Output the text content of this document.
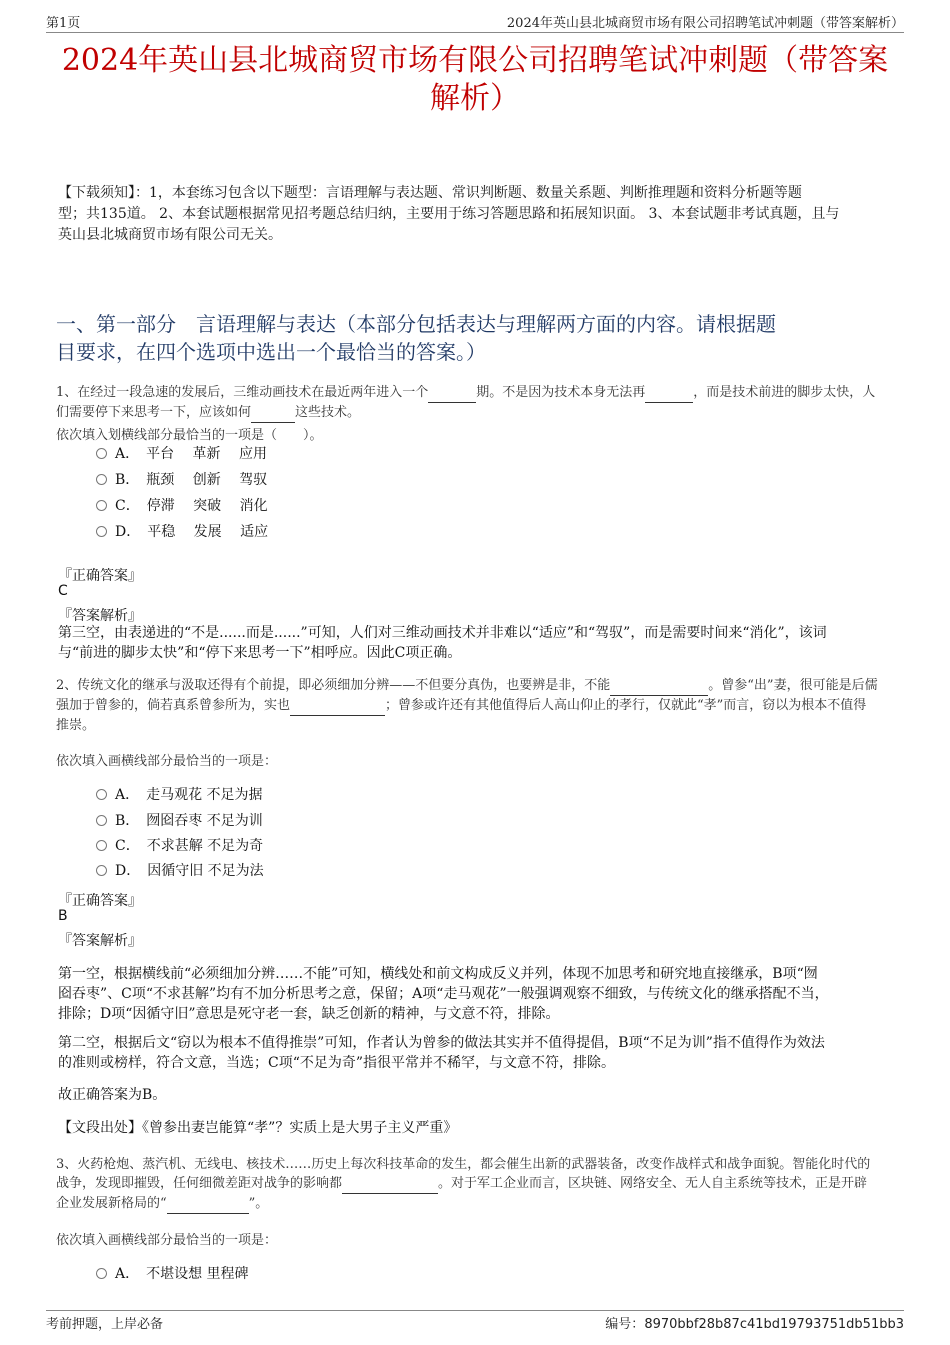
第1页	2024年英山县北城商贸市场有限公司招聘笔试冲刺题（带答案解析）
2024年英山县北城商贸市场有限公司招聘笔试冲刺题（带答案
解析）
【下载须知】：1，本套练习包含以下题型：言语理解与表达题、常识判断题、数量关系题、判断推理题和资料分析题等题
型；共135道。 2、本套试题根据常见招考题总结归纳，主要用于练习答题思路和拓展知识面。 3、本套试题非考试真题，且与
英山县北城商贸市场有限公司无关。
一、第一部分　言语理解与表达（本部分包括表达与理解两方面的内容。请根据题
目要求，在四个选项中选出一个最恰当的答案。）
1、在经过一段急速的发展后，三维动画技术在最近两年进入一个	期。不是因为技术本身无法再	，而是技术前进的脚步太快，人
们需要停下来思考一下，应该如何	这些技术。
依次填入划横线部分最恰当的一项是（　　）。
A．　平台　 革新　 应用
B．　瓶颈　 创新　 驾驭
C．　停滞　 突破　 消化
D．　平稳　 发展　 适应
『正确答案』
C
『答案解析』
第三空，由表递进的“不是......而是......”可知，人们对三维动画技术并非难以“适应”和“驾驭”，而是需要时间来“消化”，该词
与“前进的脚步太快”和“停下来思考一下”相呼应。因此C项正确。
2、传统文化的继承与汲取还得有个前提，即必须细加分辨——不但要分真伪，也要辨是非，不能	。曾参“出”妻，很可能是后儒
强加于曾参的，倘若真系曾参所为，实也	；曾参或许还有其他值得后人高山仰止的孝行，仅就此“孝”而言，窃以为根本不值得
推崇。
依次填入画横线部分最恰当的一项是：
A．　走马观花 不足为据
B．　囫囵吞枣 不足为训
C．　不求甚解 不足为奇
D．　因循守旧 不足为法
『正确答案』
B
『答案解析』
第一空，根据横线前“必须细加分辨……不能”可知，横线处和前文构成反义并列，体现不加思考和研究地直接继承，B项“囫
囵吞枣”、C项“不求甚解”均有不加分析思考之意，保留；A项“走马观花”一般强调观察不细致，与传统文化的继承搭配不当，
排除；D项“因循守旧”意思是死守老一套，缺乏创新的精神，与文意不符，排除。
第二空，根据后文“窃以为根本不值得推崇”可知，作者认为曾参的做法其实并不值得提倡，B项“不足为训”指不值得作为效法
的准则或榜样，符合文意，当选；C项“不足为奇”指很平常并不稀罕，与文意不符，排除。
故正确答案为B。
【文段出处】《曾参出妻岂能算“孝”？实质上是大男子主义严重》
3、火药枪炮、蒸汽机、无线电、核技术……历史上每次科技革命的发生，都会催生出新的武器装备，改变作战样式和战争面貌。智能化时代的
战争，发现即摧毁，任何细微差距对战争的影响都	。对于军工企业而言，区块链、网络安全、无人自主系统等技术，正是开辟
企业发展新格局的“	”。
依次填入画横线部分最恰当的一项是：
A．　不堪设想 里程碑
考前押题，上岸必备	编号：8970bbf28b87c41bd19793751db51bb3
